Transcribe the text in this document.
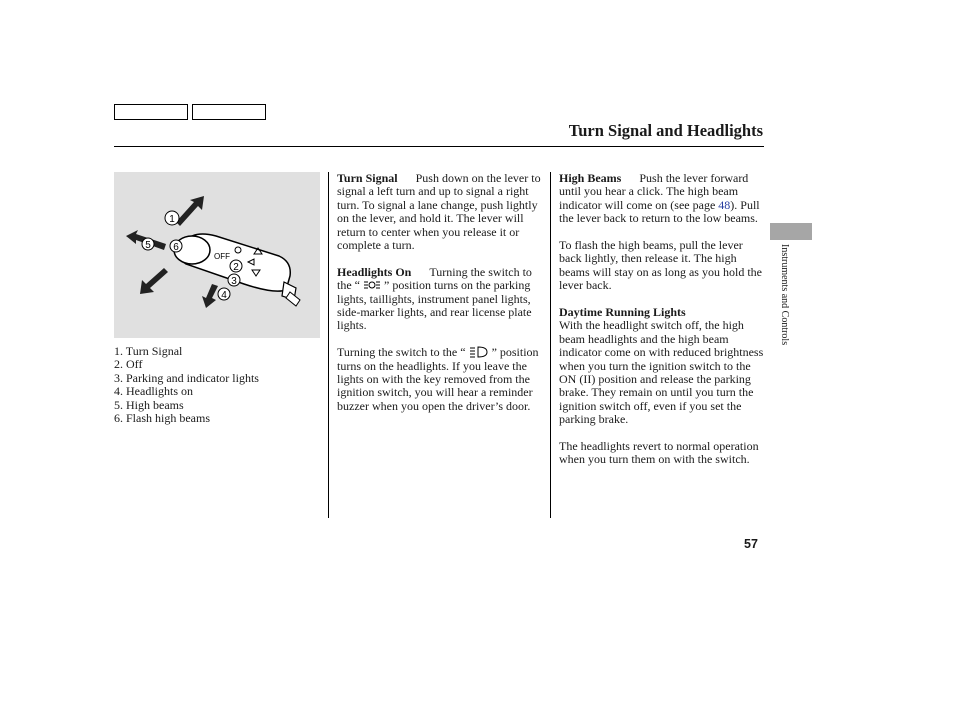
Turn Signal and Headlights
OFF
1
2
3
4
5 6
1. Turn Signal
2. Off
3. Parking and indicator lights
4. Headlights on
5. High beams
6. Flash high beams

Turn Signal Push down on the lever to signal a left turn and up to signal a right turn. To signal a lane change, push lightly on the lever, and hold it. The lever will return to center when you release it or complete a turn.

Headlights On Turning the switch to the “ ” position turns on the parking lights, taillights, instrument panel lights, side-marker lights, and rear license plate lights.

Turning the switch to the “ ” position turns on the headlights. If you leave the lights on with the key removed from the ignition switch, you will hear a reminder buzzer when you open the driver’s door.

High Beams Push the lever forward until you hear a click. The high beam indicator will come on (see page 48). Pull the lever back to return to the low beams.

To flash the high beams, pull the lever back lightly, then release it. The high beams will stay on as long as you hold the lever back.

Daytime Running Lights

With the headlight switch off, the high beam headlights and the high beam indicator come on with reduced brightness when you turn the ignition switch to the ON (II) position and release the parking brake. They remain on until you turn the ignition switch off, even if you set the parking brake.

The headlights revert to normal operation when you turn them on with the switch.

Instruments and Controls
57
